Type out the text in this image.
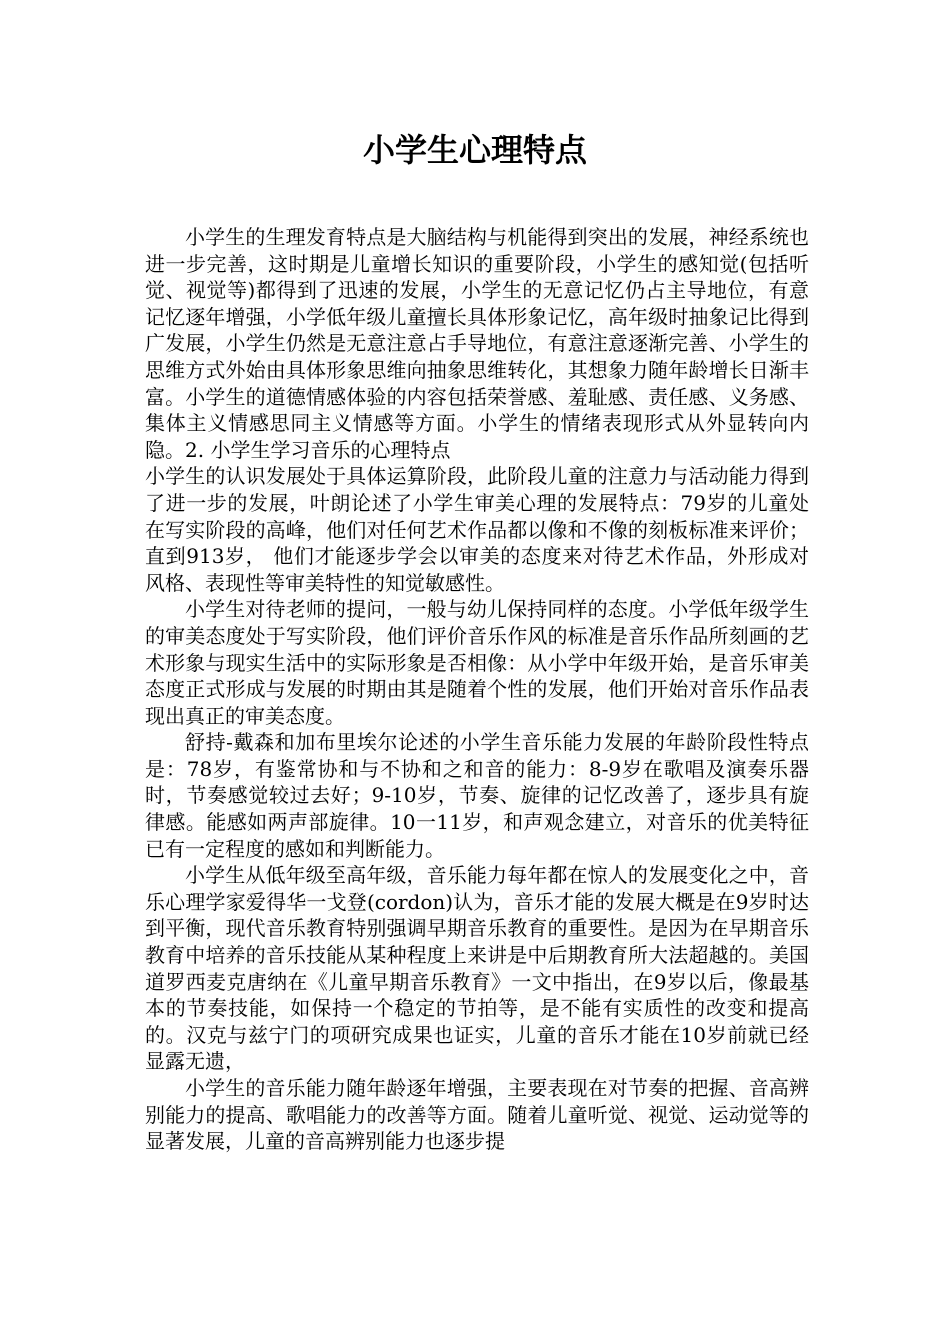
小学生心理特点

小学生的生理发育特点是大脑结构与机能得到突出的发展，神经系统也进一步完善，这时期是儿童增长知识的重要阶段，小学生的感知觉(包括听觉、视觉等)都得到了迅速的发展，小学生的无意记忆仍占主导地位，有意记忆逐年增强，小学低年级儿童擅长具体形象记忆，高年级时抽象记比得到广发展，小学生仍然是无意注意占手导地位，有意注意逐渐完善、小学生的思维方式外始由具体形象思维向抽象思维转化，其想象力随年龄增长日渐丰富。小学生的道德情感体验的内容包括荣誉感、羞耻感、责任感、义务感、集体主义情感思同主义情感等方面。小学生的情绪表现形式从外显转向内隐。2. 小学生学习音乐的心理特点

小学生的认识发展处于具体运算阶段，此阶段儿童的注意力与活动能力得到了进一步的发展，叶朗论述了小学生审美心理的发展特点：79岁的儿童处在写实阶段的高峰，他们对任何艺术作品都以像和不像的刻板标准来评价；直到913岁， 他们才能逐步学会以审美的态度来对待艺术作品，外形成对风格、表现性等审美特性的知觉敏感性。

小学生对待老师的提问，一般与幼儿保持同样的态度。小学低年级学生的审美态度处于写实阶段，他们评价音乐作风的标准是音乐作品所刻画的艺术形象与现实生活中的实际形象是否相像：从小学中年级开始，是音乐审美态度正式形成与发展的时期由其是随着个性的发展，他们开始对音乐作品表现出真正的审美态度。

舒持-戴森和加布里埃尔论述的小学生音乐能力发展的年龄阶段性特点是：78岁，有鉴常协和与不协和之和音的能力：8-9岁在歌唱及演奏乐器时，节奏感觉较过去好；9-10岁，节奏、旋律的记忆改善了，逐步具有旋律感。能感如两声部旋律。10一11岁，和声观念建立，对音乐的优美特征已有一定程度的感如和判断能力。

小学生从低年级至高年级，音乐能力每年都在惊人的发展变化之中，音乐心理学家爱得华一戈登(cordon)认为，音乐才能的发展大概是在9岁时达到平衡，现代音乐教育特别强调早期音乐教育的重要性。是因为在早期音乐教育中培养的音乐技能从某种程度上来讲是中后期教育所大法超越的。美国道罗西麦克唐纳在《儿童早期音乐教育》一文中指出，在9岁以后，像最基本的节奏技能，如保持一个稳定的节拍等，是不能有实质性的改变和提高的。汉克与兹宁门的项研究成果也证实，儿童的音乐才能在10岁前就已经显露无遗，

小学生的音乐能力随年龄逐年增强，主要表现在对节奏的把握、音高辨别能力的提高、歌唱能力的改善等方面。随着儿童听觉、视觉、运动觉等的显著发展，儿童的音高辨别能力也逐步提
